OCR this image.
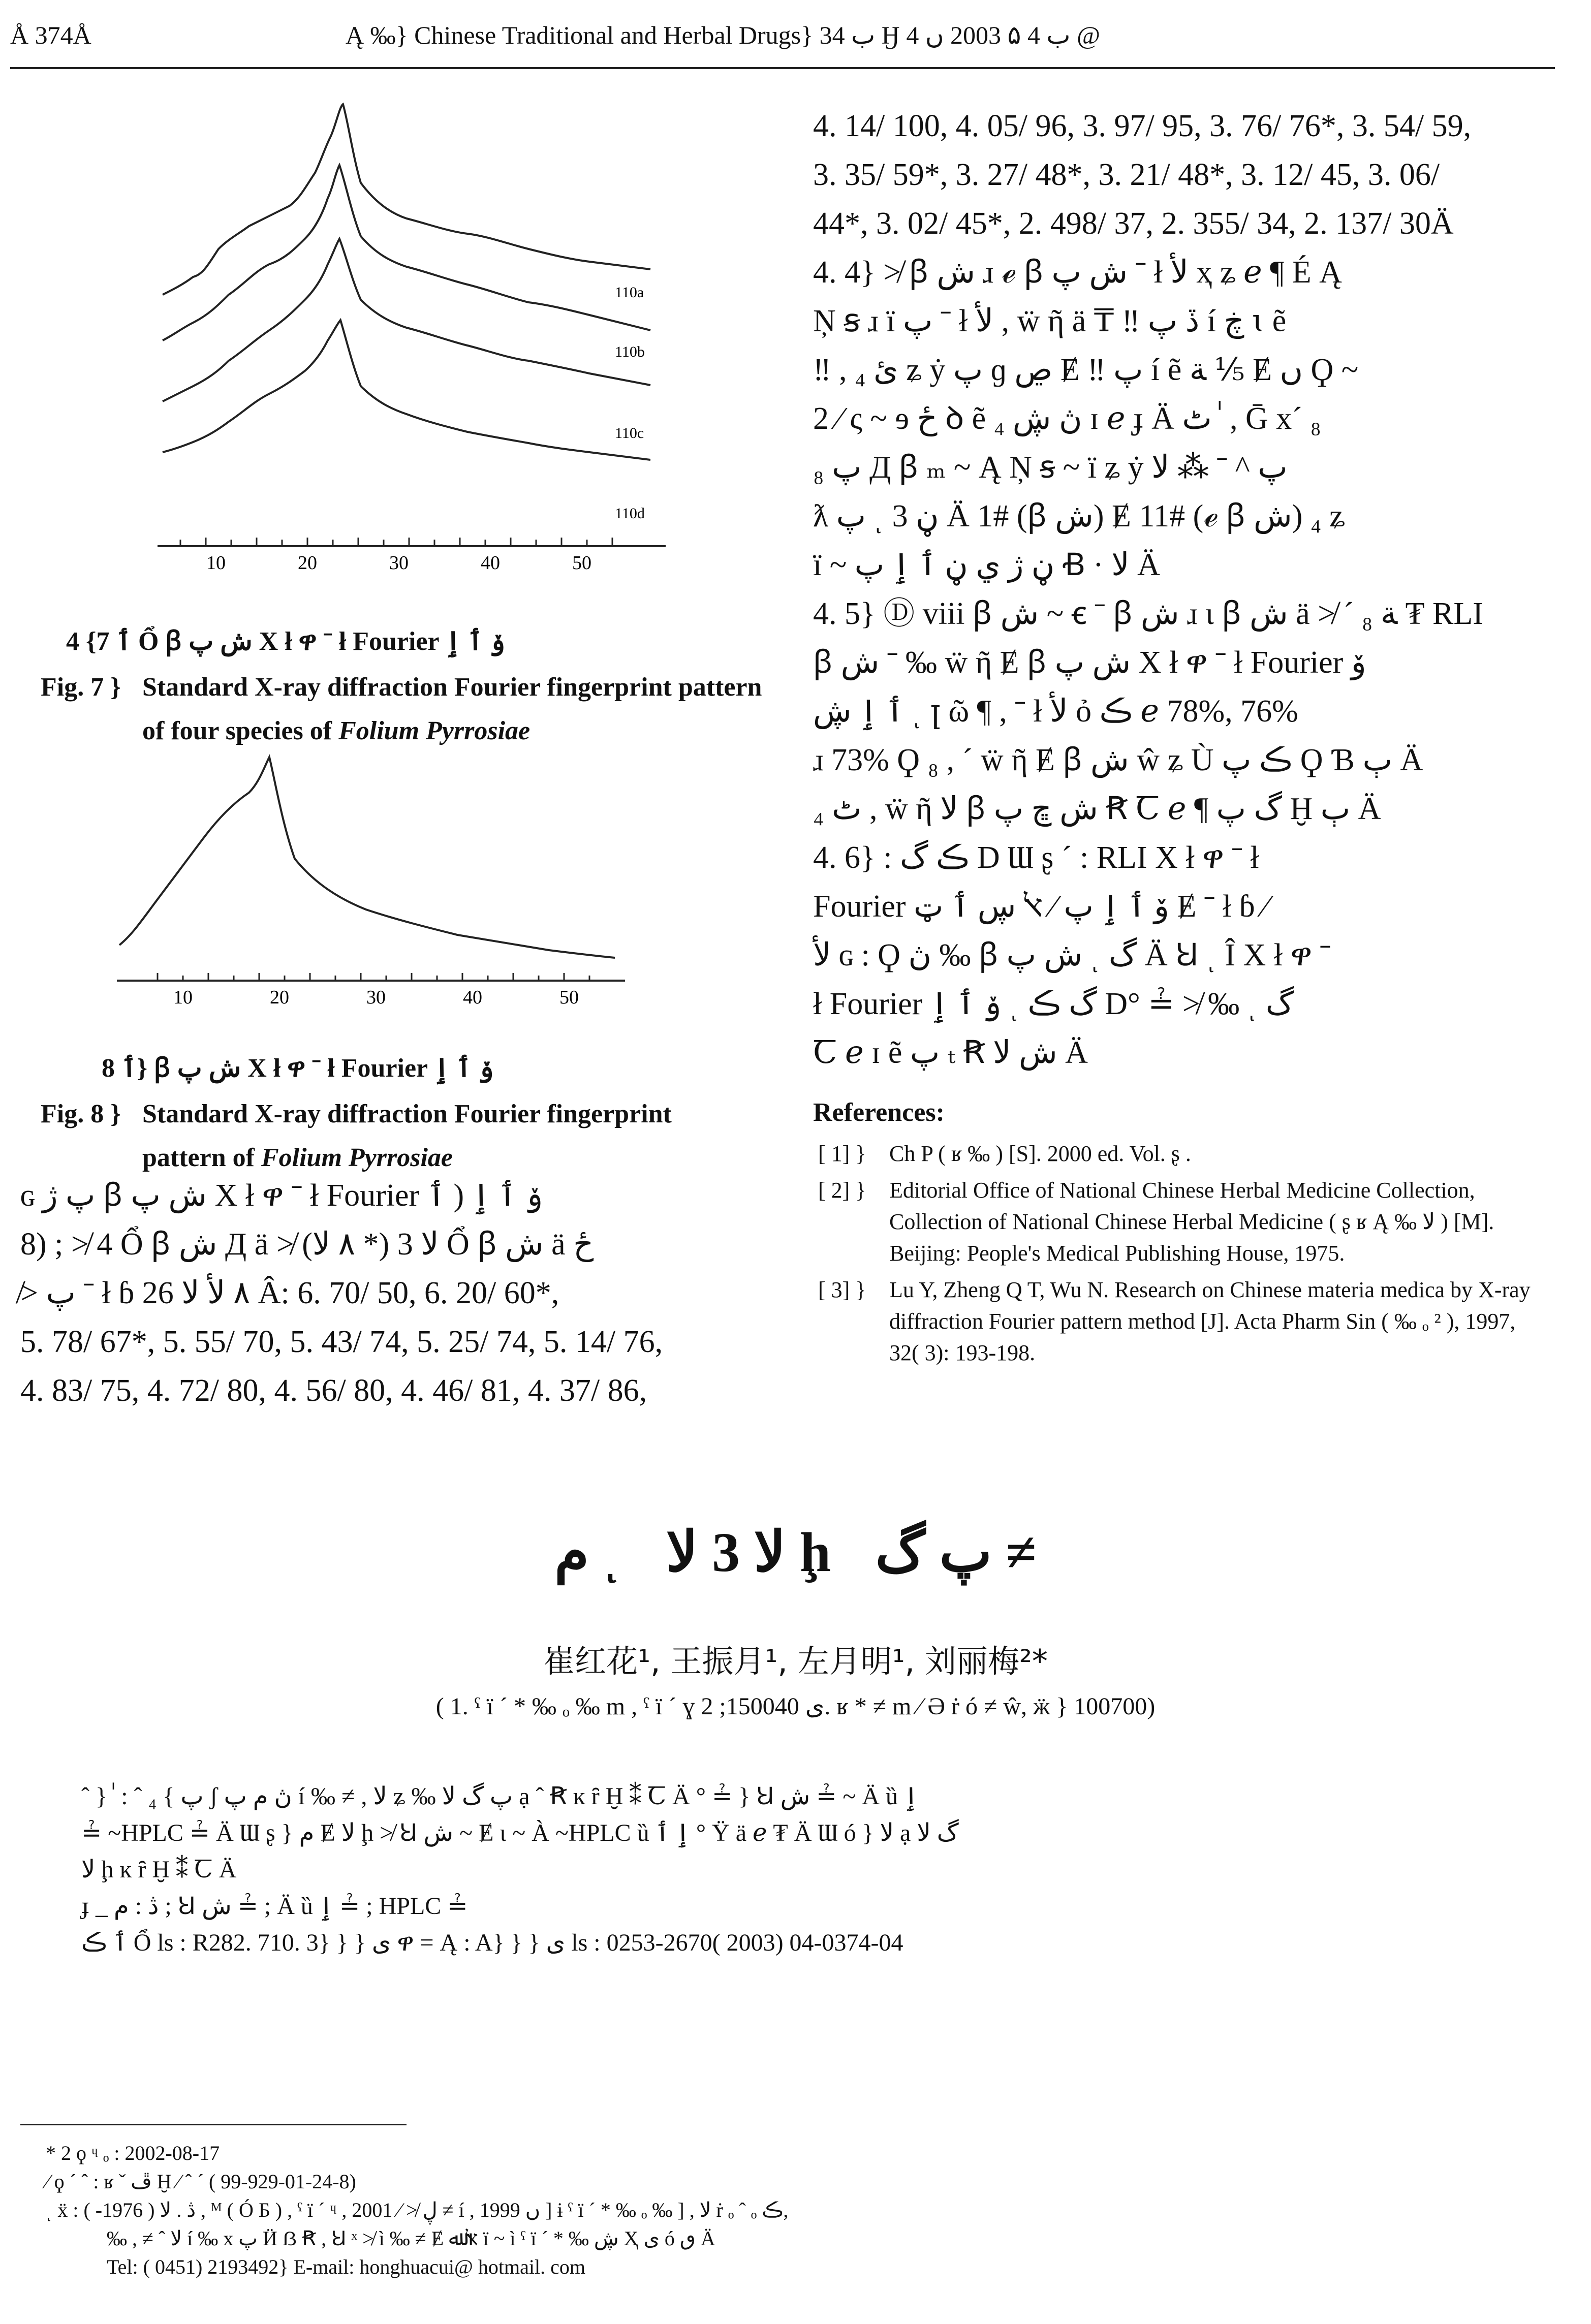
Å 374Å	Ą ‰} Chinese Traditional and Herbal Drugs} ب 34 Ӈ ب 4 ۵ 2003 ں 4 @
110a
110b
110c
110d
10	20	30	40	50
ٲ 7} 4 Ổ ꞵ ش پ X ł ዋ ˉ ł Fourier ۆ ٲ ٳ
Fig. 7 } Standard X-ray diffraction Fourier fingerprint pattern of four species of Folium Pyrrosiae
10	20	30	40	50
ٲ 8} ꞵ ش پ X ł ዋ ˉ ł Fourier ۆ ٲ ٳ
Fig. 8 } Standard X-ray diffraction Fourier fingerprint
pattern of Folium Pyrrosiae

ɢ پ ژ ꞵ ش پ X ł ዋ ˉ ł Fourier ۆ ٲ ٳ ( ٲ

8) ; ≯ 4 Ổ ꞵ ش Д ä ≯ (٨ ﻻ *) ﻻ 3 Ổ ꞵ ش ä ځ

≯ پ ˉ ł ɓ ٨ ﻷ ﻻ 26 Â: 6. 70/ 50, 6. 20/ 60*,

5. 78/ 67*, 5. 55/ 70, 5. 43/ 74, 5. 25/ 74, 5. 14/ 76,

4. 83/ 75, 4. 72/ 80, 4. 56/ 80, 4. 46/ 81, 4. 37/ 86,

4. 14/ 100, 4. 05/ 96, 3. 97/ 95, 3. 76/ 76*, 3. 54/ 59,

3. 35/ 59*, 3. 27/ 48*, 3. 21/ 48*, 3. 12/ 45, 3. 06/

44*, 3. 02/ 45*, 2. 498/ 37, 2. 355/ 34, 2. 137/ 30Ä

4. 4} ≯ ꞵ ش ɹ ℯ ꞵ ش پ ˉ ł ﻷ ҳ ʑ ℯ ¶ É Ą

Ņ ꞩ ɹ ï پ ˉ ł ﻷ , ẅ ῆ ä ₸ ‼ ڏ پ í ڿ ꙇ ẽ

‼ , ₄ ئ ʑ ẏ پ ɡ ڝ Ɇ ‼ پ í ẽ ﺔ ⅕ Ɇ ں Ϙ ~

2 ⁄ ς ~ ɘ ځ ꝺ ẽ ڽ ڜ ₄ ɪ ℯ ɟ Ä ٹ ٰ , Ḡ x´ ₈

پ ₈ Д ꞵ ₘ ~ Ą Ņ ꞩ ~ ï ʑ ẏ پ ^ ˉ ⁂ ﻻ

ƛ پ ͺ 3 ڼ Ä 1# (ꞵ ش) Ɇ 11# (ℯ ꞵ ش) ₄ ʑ

ï ~ ڼ ژ ي ڼ ٲ ٳ پ Ꞗ · ﻻ Ä

4. 5} Ⓓ viii ꞵ ش ~ ꞓ ˉ ꞵ ش ɹ ɩ ꞵ ش ä ≯ ´ ₈ ﺔ ₮ RLI

ꞵ ش ˉ ‰ ẅ ῆ Ɇ ꞵ ش پ X ł ዋ ˉ ł Fourier ۆ

ٲ ٳ ڜ ͺ ꞁ ῶ ¶ , ˉ ł ﻷ ỏ ڪ ℯ 78%, 76%

ɹ 73% Ϙ ₈ , ´ ẅ ῆ Ɇ ꞵ ش ŵ ʑ Ù ڪ پ Ϙ Ɓ ٻ Ä

₄ ٹ , ẅ ῆ ﻻ ꞵ ش ڇ پ Ꞧ Ꞇ ℯ ¶ گ پ Ḫ ٻ Ä

4. 6} : ڪ گ D Ɯ ʂ ´ : RLI X ł ዋ ˉ ł

Fourier ۆ ٲ ٳ پ ⁄ ﭏ ڛ ٲ ټ Ɇ ˉ ł ɓ ⁄

ﻷ ɢ : Ϙ ڽ ‰ ꞵ ش پ ͺ گ Ä Ꞟ ͺ Î X ł ዋ ˉ

ł Fourier ۆ ٲ ٳ ͺ گ ڪ D° ≟ ≯ ‰ ͺ گ

Ꞇ ℯ ɪ ẽ پ ₜ Ꞧ ش ﻻ Ä

References:
[ 1] }	Ch P ( ʁ ‰ ) [S]. 2000 ed. Vol. ʂ .
[ 2] }	Editorial Office of National Chinese Herbal Medicine Collection, Collection of National Chinese Herbal Medicine ( ʂ ʁ Ą ‰ ﻻ ) [M]. Beijing: People's Medical Publishing House, 1975.
[ 3] }	Lu Y, Zheng Q T, Wu N. Research on Chinese materia medica by X-ray diffraction Fourier pattern method [J]. Acta Pharm Sin ( ‰ ₒ ² ), 1997, 32( 3): 193-198.
ﻡ ͺ ﻻ 3 ﻻ ḩ پ گ ≠
崔红花¹, 王振月¹, 左月明¹, 刘丽梅²*
( 1. ˁ ï ´ * ‰ ₒ ‰ m , ˁ ï ´ ɣ ى 150040; 2. ʁ * ≠ m ⁄ Ə ṙ ó ≠ ŵ, ӝ } 100700)
ˆ } ٰ : ˆ پ } ₄ ʃ ڽ ﻡ پ í ‰ ≠ , ﻻ ʑ ‰ پ گ ﻻ ạ ˆ Ꞧ ĸ ȓ Ḫ ⁑ Ꞇ Ä ° ≟ } Ꞟ ش ≟ ~ Ä ȕ ٳ
≟ ~HPLC ≟ Ä Ɯ ʂ } ﻡ Ɇ ﻻ ḩ ≯ Ꞟ ش ~ Ɇ ɩ ~ À ~HPLC ȕ ٳ ٲ ° Ÿ ä ℯ ₮ Ä Ɯ ó } ﻻ ạ گ ﻻ
ﻻ ḩ ĸ ȓ Ḫ ⁑ Ꞇ Ä
ɟ _ ڎ : ﻡ ; Ꞟ ش ≟ ; Ä ȕ ٳ ≟ ; HPLC ≟
ٲ ڪ Ổ ls : R282. 710. 3} } } ى ዋ = Ą : A} } } ى ls : 0253-2670( 2003) 04-0374-04
* 2 ϙ ᶣ ₒ : 2002-08-17
⁄ ϙ ´ ˆ : ʁ ˇ ڦ Ḫ ⁄ ˆ ´ ( 99-929-01-24-8)
ͺ ẍ : ڎ . ﻻ ( 1976- ) , ᴹ ( Ó Ƃ ) , ˁ ï ´ ᶣ , 2001 ⁄ ≯ ڸ ≠ í , 1999 ں ] ɨ ˁ ï ´ * ‰ ₒ ‰ ] , ﻻ ṙ ₒ ˆ ₒ ڪ,
‰ , ≠ ˆ ﻻ í ‰ x پ Ӥ ẞ Ꞧ , Ꞟ ˣ ≯ ì ‰ ≠ Ɇ ﭏ ﷲ ï ~ ì ˁ ï ´ * ‰ ڜ Ҳ ى ó ٯ Ä
Tel: ( 0451) 2193492} E-mail: honghuacui@ hotmail. com
